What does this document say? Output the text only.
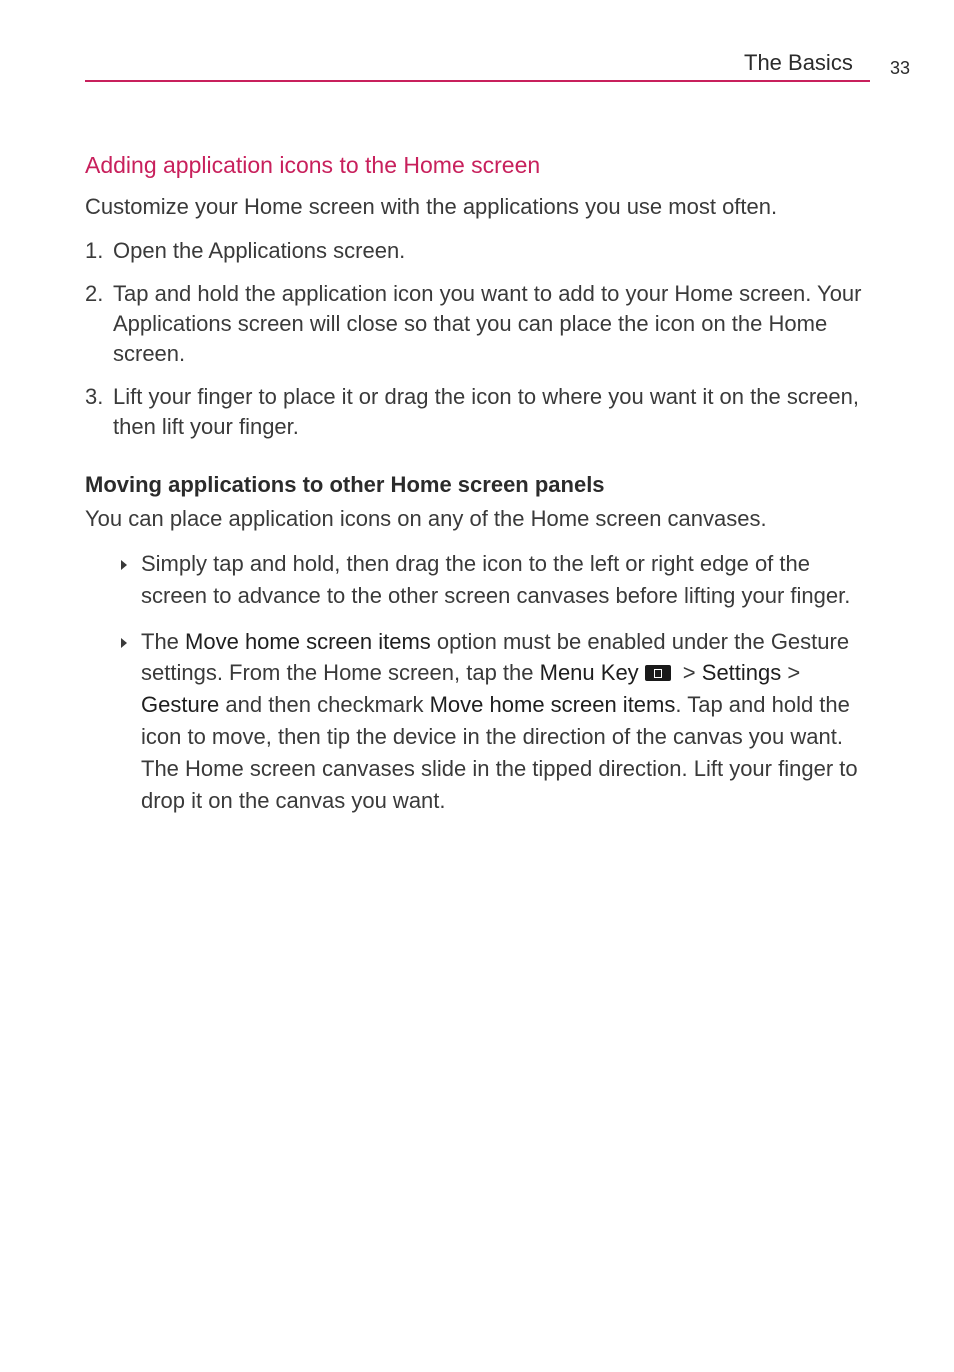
The Basics 33
Adding application icons to the Home screen
Customize your Home screen with the applications you use most often.
1. Open the Applications screen.
2. Tap and hold the application icon you want to add to your Home screen. Your Applications screen will close so that you can place the icon on the Home screen.
3. Lift your finger to place it or drag the icon to where you want it on the screen, then lift your finger.
Moving applications to other Home screen panels
You can place application icons on any of the Home screen canvases.
Simply tap and hold, then drag the icon to the left or right edge of the screen to advance to the other screen canvases before lifting your finger.
The Move home screen items option must be enabled under the Gesture settings. From the Home screen, tap the Menu Key > Settings > Gesture and then checkmark Move home screen items. Tap and hold the icon to move, then tip the device in the direction of the canvas you want. The Home screen canvases slide in the tipped direction. Lift your finger to drop it on the canvas you want.
